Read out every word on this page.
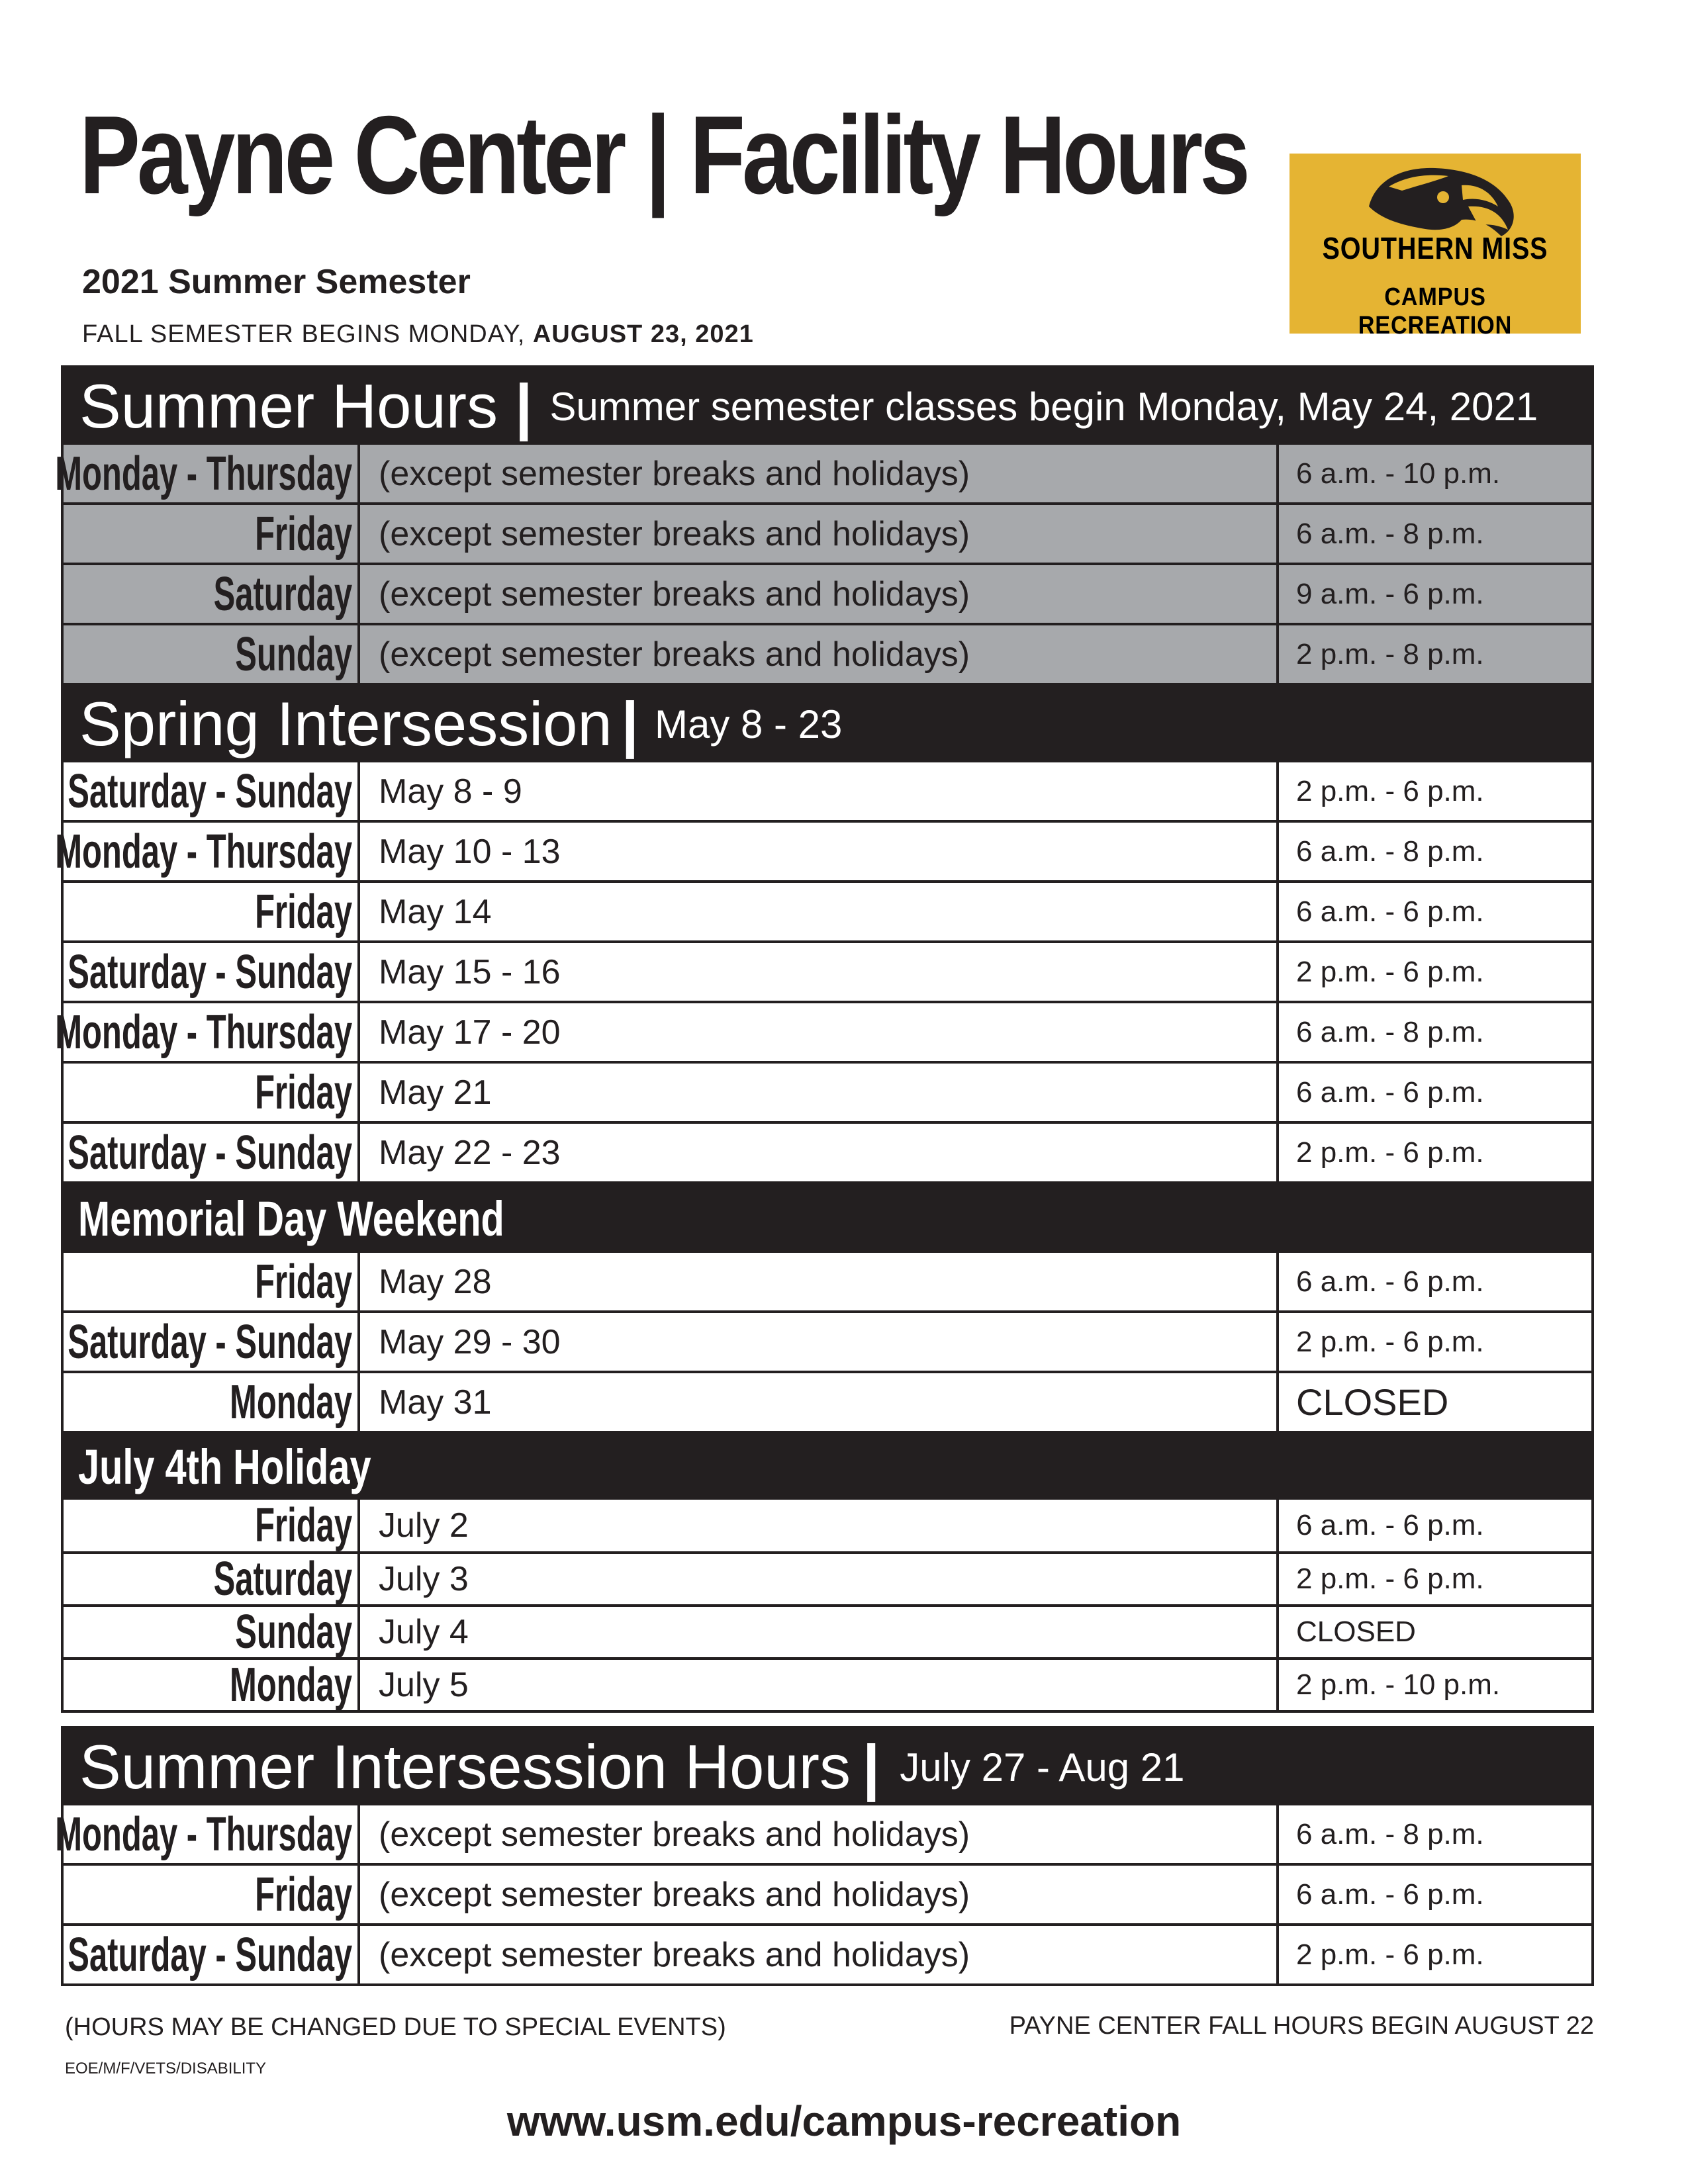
Payne Center | Facility Hours
2021 Summer Semester
FALL SEMESTER BEGINS MONDAY, AUGUST 23, 2021
SOUTHERN MISS
CAMPUS RECREATION
Summer Hours | Summer semester classes begin Monday, May 24, 2021
Monday - Thursday (except semester breaks and holidays)	6 a.m. - 10 p.m.
Friday (except semester breaks and holidays)	6 a.m. - 8 p.m.
Saturday (except semester breaks and holidays)	9 a.m. - 6 p.m.
Sunday (except semester breaks and holidays)	2 p.m. - 8 p.m.
Spring Intersession | May 8 - 23
Saturday - Sunday May 8 - 9	2 p.m. - 6 p.m.
Monday - Thursday May 10 - 13	6 a.m. - 8 p.m.
Friday May 14	6 a.m. - 6 p.m.
Saturday - Sunday May 15 - 16	2 p.m. - 6 p.m.
Monday - Thursday May 17 - 20	6 a.m. - 8 p.m.
Friday May 21	6 a.m. - 6 p.m.
Saturday - Sunday May 22 - 23	2 p.m. - 6 p.m.
Memorial Day Weekend
Friday May 28	6 a.m. - 6 p.m.
Saturday - Sunday May 29 - 30	2 p.m. - 6 p.m.
Monday May 31	CLOSED
July 4th Holiday
Friday July 2	6 a.m. - 6 p.m.
Saturday July 3	2 p.m. - 6 p.m.
Sunday July 4	CLOSED
Monday July 5	2 p.m. - 10 p.m.
Summer Intersession Hours | July 27 - Aug 21
Monday - Thursday (except semester breaks and holidays)	6 a.m. - 8 p.m.
Friday (except semester breaks and holidays)	6 a.m. - 6 p.m.
Saturday - Sunday (except semester breaks and holidays)	2 p.m. - 6 p.m.
(HOURS MAY BE CHANGED DUE TO SPECIAL EVENTS)	PAYNE CENTER FALL HOURS BEGIN AUGUST 22
EOE/M/F/VETS/DISABILITY
www.usm.edu/campus-recreation
